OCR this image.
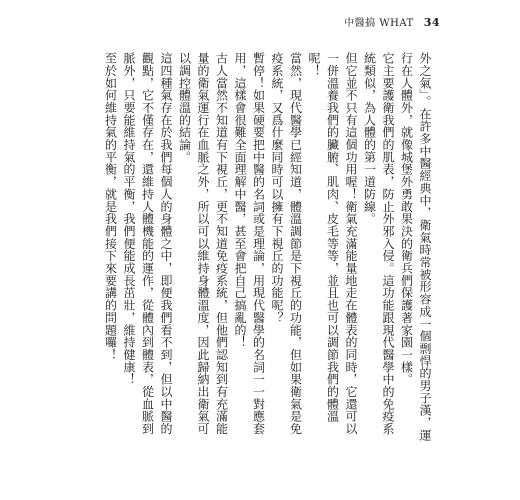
中醫搞 WHAT 34

外之氣」。在許多中醫經典中，衛氣時常被形容成一個剽悍的男子漢，運行在人體外，就像城堡外勇敢果決的衛兵們保護著家園一樣。

它主要護衛我們的肌表，防止外邪入侵。這功能跟現代醫學中的免疫系統類似，為人體的第一道防線。

但它並不只有這個功用喔！衛氣充滿能量地走在體表的同時，它還可以一併溫養我們的臟腑、肌肉、皮毛等等，並且也可以調節我們的體溫呢！

當然，現代醫學已經知道，體溫調節是下視丘的功能，但如果衛氣是免疫系統，又爲什麼同時可以擁有下視丘的功能呢？

暫停！如果硬要把中醫的名詞或是理論，用現代醫學的名詞一一對應套用，這樣會很難全面理解中醫，甚至會把自己搞亂的！

古人當然不知道有下視丘，更不知道免疫系統，但他們認知到有充滿能量的衛氣運行在血脈之外，所以可以維持身體溫度，因此歸納出衛氣可以調控體溫的結論。

這四種氣存在於我們每個人的身體之中，即便我們看不到，但以中醫的觀點，它不僅存在，還維持人體機能的運作，從體內到體表，從血脈到脈外，只要能維持氣的平衡，我們便能成長茁壯，維持健康！

至於如何維持氣的平衡，就是我們接下來要講的問題囉！
